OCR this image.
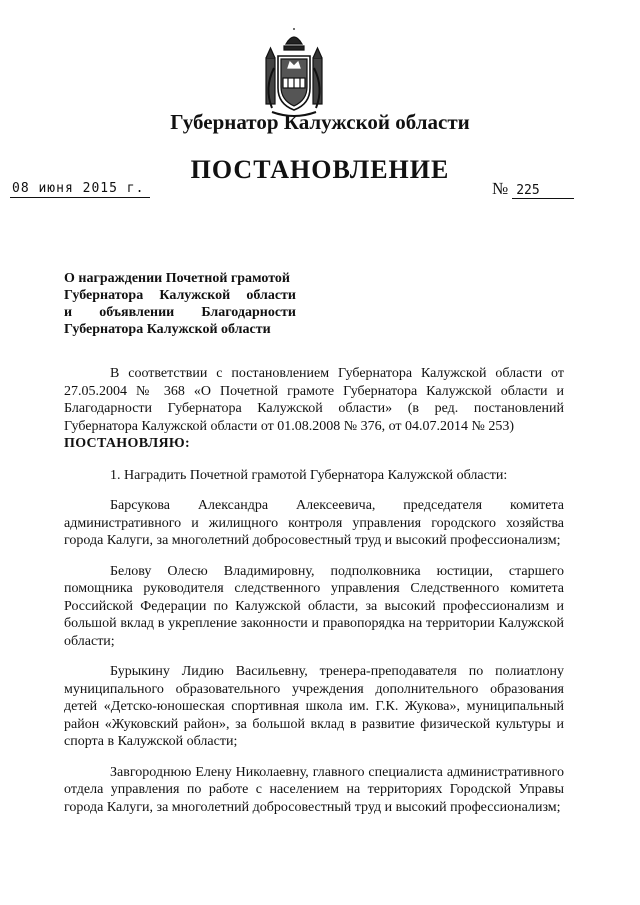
Губернатор Калужской области
ПОСТАНОВЛЕНИЕ
08 июня 2015 г.	№ 225
О награждении Почетной грамотой
Губернатора Калужской области
и объявлении Благодарности
Губернатора Калужской области

В соответствии с постановлением Губернатора Калужской области от 27.05.2004 № 368 «О Почетной грамоте Губернатора Калужской области и Благодарности Губернатора Калужской области» (в ред. постановлений Губернатора Калужской области от 01.08.2008 № 376, от 04.07.2014 № 253)

ПОСТАНОВЛЯЮ:

1. Наградить Почетной грамотой Губернатора Калужской области:

Барсукова Александра Алексеевича, председателя комитета административного и жилищного контроля управления городского хозяйства города Калуги, за многолетний добросовестный труд и высокий профессионализм;

Белову Олесю Владимировну, подполковника юстиции, старшего помощника руководителя следственного управления Следственного комитета Российской Федерации по Калужской области, за высокий профессионализм и большой вклад в укрепление законности и правопорядка на территории Калужской области;

Бурыкину Лидию Васильевну, тренера-преподавателя по полиатлону муниципального образовательного учреждения дополнительного образования детей «Детско-юношеская спортивная школа им. Г.К. Жукова», муниципальный район «Жуковский район», за большой вклад в развитие физической культуры и спорта в Калужской области;

Завгороднюю Елену Николаевну, главного специалиста административного отдела управления по работе с населением на территориях Городской Управы города Калуги, за многолетний добросовестный труд и высокий профессионализм;
